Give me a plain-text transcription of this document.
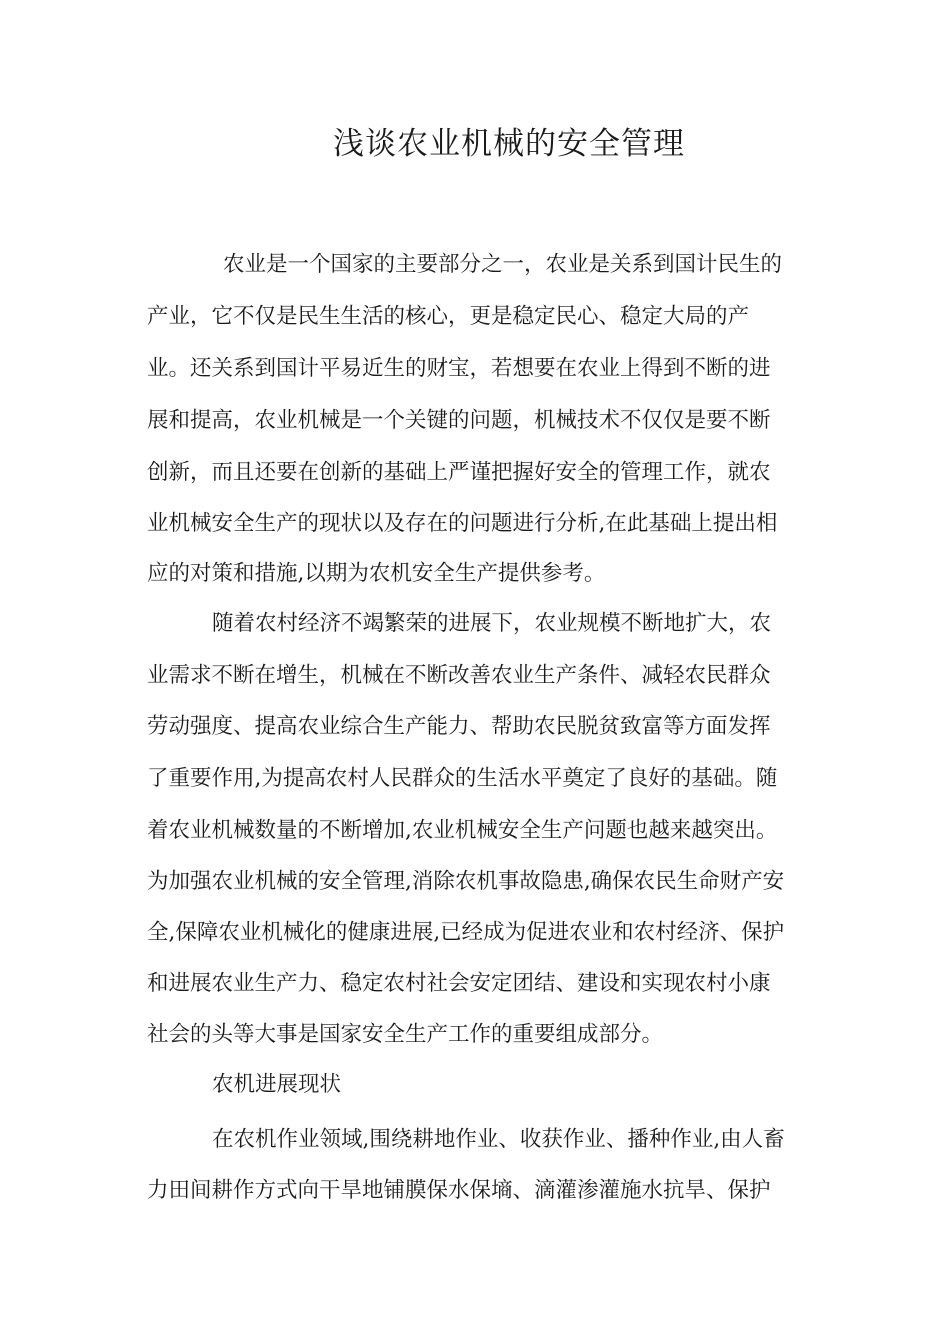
浅谈农业机械的安全管理

农业是一个国家的主要部分之一，农业是关系到国计民生的

产业，它不仅是民生生活的核心，更是稳定民心、稳定大局的产

业。还关系到国计平易近生的财宝，若想要在农业上得到不断的进

展和提高，农业机械是一个关键的问题，机械技术不仅仅是要不断

创新，而且还要在创新的基础上严谨把握好安全的管理工作，就农

业机械安全生产的现状以及存在的问题进行分析,在此基础上提出相

应的对策和措施,以期为农机安全生产提供参考。

随着农村经济不竭繁荣的进展下，农业规模不断地扩大，农

业需求不断在增生，机械在不断改善农业生产条件、减轻农民群众

劳动强度、提高农业综合生产能力、帮助农民脱贫致富等方面发挥

了重要作用,为提高农村人民群众的生活水平奠定了良好的基础。随

着农业机械数量的不断增加,农业机械安全生产问题也越来越突出。

为加强农业机械的安全管理,消除农机事故隐患,确保农民生命财产安

全,保障农业机械化的健康进展,已经成为促进农业和农村经济、保护

和进展农业生产力、稳定农村社会安定团结、建设和实现农村小康

社会的头等大事是国家安全生产工作的重要组成部分。

农机进展现状

在农机作业领域,围绕耕地作业、收获作业、播种作业,由人畜

力田间耕作方式向干旱地铺膜保水保墒、滴灌渗灌施水抗旱、保护
